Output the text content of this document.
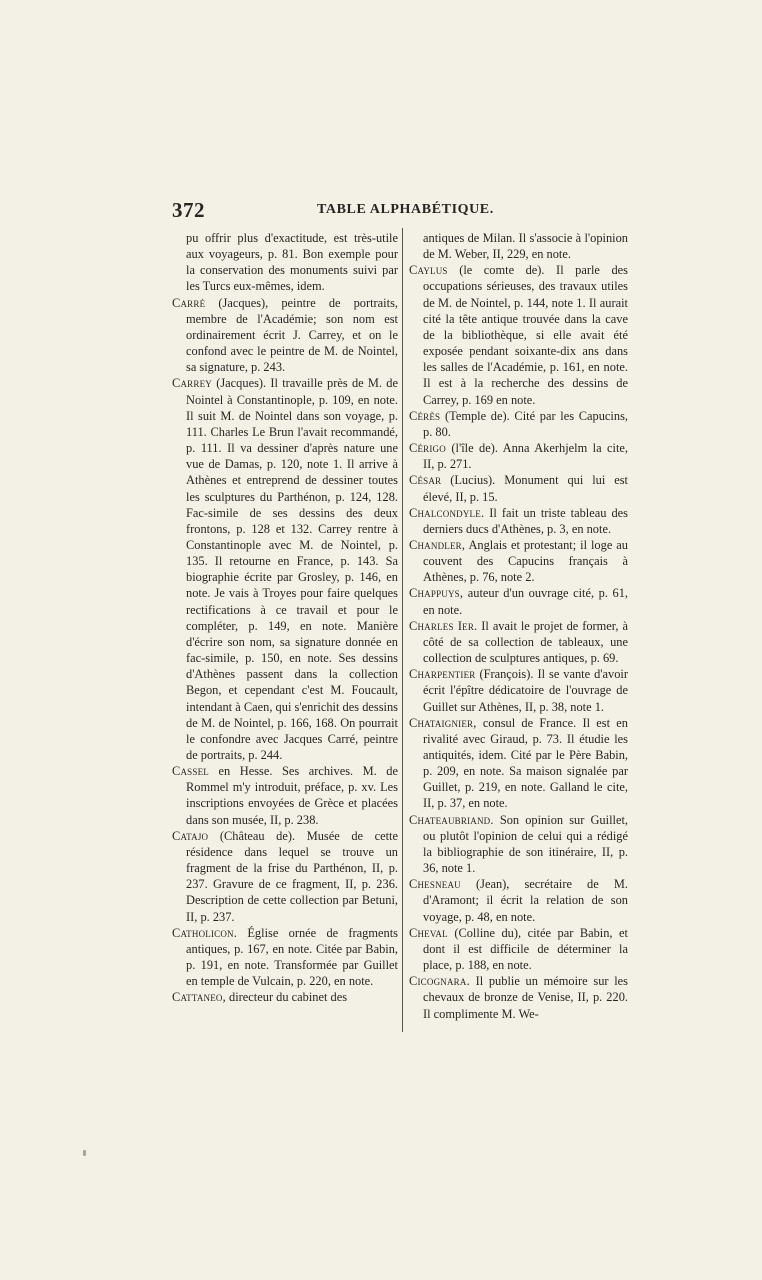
372	TABLE ALPHABÉTIQUE.

pu offrir plus d'exactitude, est très-utile aux voyageurs, p. 81. Bon exemple pour la conservation des monuments suivi par les Turcs eux-mêmes, idem.

Carré (Jacques), peintre de portraits, membre de l'Académie; son nom est ordinairement écrit J. Carrey, et on le confond avec le peintre de M. de Nointel, sa signature, p. 243.

Carrey (Jacques). Il travaille près de M. de Nointel à Constantinople, p. 109, en note. Il suit M. de Nointel dans son voyage, p. 111. Charles Le Brun l'avait recommandé, p. 111. Il va dessiner d'après nature une vue de Damas, p. 120, note 1. Il arrive à Athènes et entreprend de dessiner toutes les sculptures du Parthénon, p. 124, 128. Fac-simile de ses dessins des deux frontons, p. 128 et 132. Carrey rentre à Constantinople avec M. de Nointel, p. 135. Il retourne en France, p. 143. Sa biographie écrite par Grosley, p. 146, en note. Je vais à Troyes pour faire quelques rectifications à ce travail et pour le compléter, p. 149, en note. Manière d'écrire son nom, sa signature donnée en fac-simile, p. 150, en note. Ses dessins d'Athènes passent dans la collection Begon, et cependant c'est M. Foucault, intendant à Caen, qui s'enrichit des dessins de M. de Nointel, p. 166, 168. On pourrait le confondre avec Jacques Carré, peintre de portraits, p. 244.

Cassel en Hesse. Ses archives. M. de Rommel m'y introduit, préface, p. xv. Les inscriptions envoyées de Grèce et placées dans son musée, II, p. 238.

Catajo (Château de). Musée de cette résidence dans lequel se trouve un fragment de la frise du Parthénon, II, p. 237. Gravure de ce fragment, II, p. 236. Description de cette collection par Betuni, II, p. 237.

Catholicon. Église ornée de fragments antiques, p. 167, en note. Citée par Babin, p. 191, en note. Transformée par Guillet en temple de Vulcain, p. 220, en note.

Cattaneo, directeur du cabinet des

antiques de Milan. Il s'associe à l'opinion de M. Weber, II, 229, en note.

Caylus (le comte de). Il parle des occupations sérieuses, des travaux utiles de M. de Nointel, p. 144, note 1. Il aurait cité la tête antique trouvée dans la cave de la bibliothèque, si elle avait été exposée pendant soixante-dix ans dans les salles de l'Académie, p. 161, en note. Il est à la recherche des dessins de Carrey, p. 169 en note.

Cérès (Temple de). Cité par les Capucins, p. 80.

Cérigo (l'île de). Anna Akerhjelm la cite, II, p. 271.

César (Lucius). Monument qui lui est élevé, II, p. 15.

Chalcondyle. Il fait un triste tableau des derniers ducs d'Athènes, p. 3, en note.

Chandler, Anglais et protestant; il loge au couvent des Capucins français à Athènes, p. 76, note 2.

Chappuys, auteur d'un ouvrage cité, p. 61, en note.

Charles Ier. Il avait le projet de former, à côté de sa collection de tableaux, une collection de sculptures antiques, p. 69.

Charpentier (François). Il se vante d'avoir écrit l'épître dédicatoire de l'ouvrage de Guillet sur Athènes, II, p. 38, note 1.

Chataignier, consul de France. Il est en rivalité avec Giraud, p. 73. Il étudie les antiquités, idem. Cité par le Père Babin, p. 209, en note. Sa maison signalée par Guillet, p. 219, en note. Galland le cite, II, p. 37, en note.

Chateaubriand. Son opinion sur Guillet, ou plutôt l'opinion de celui qui a rédigé la bibliographie de son itinéraire, II, p. 36, note 1.

Chesneau (Jean), secrétaire de M. d'Aramont; il écrit la relation de son voyage, p. 48, en note.

Cheval (Colline du), citée par Babin, et dont il est difficile de déterminer la place, p. 188, en note.

Cicognara. Il publie un mémoire sur les chevaux de bronze de Venise, II, p. 220. Il complimente M. We-
